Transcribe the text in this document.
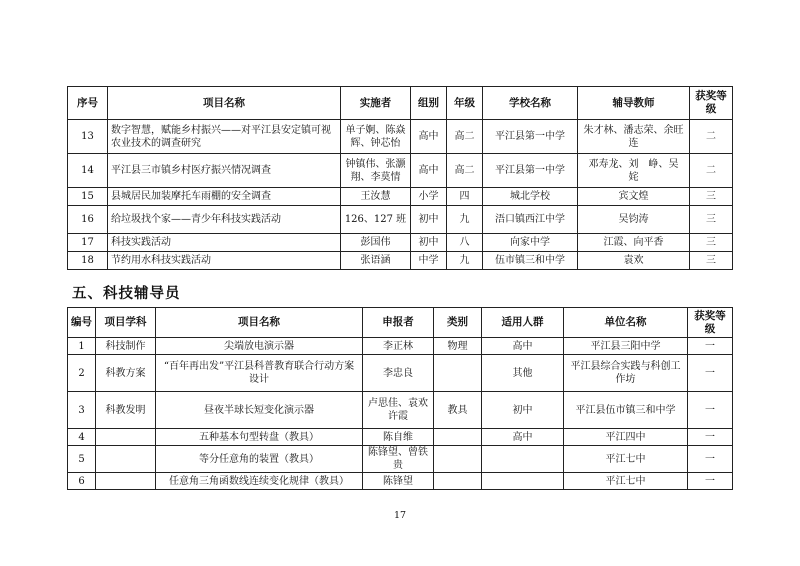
序号	项目名称	实施者	组别	年级	学校名称	辅导教师	获奖等级
13	数字智慧，赋能乡村振兴——对平江县安定镇可视农业技术的调查研究	单子婀、陈焱辉、钟芯怡	高中	高二	平江县第一中学	朱才林、潘志荣、余旺连	二
14	平江县三市镇乡村医疗振兴情况调查	钟镇伟、张灏翔、李莫情	高中	高二	平江县第一中学	邓寿龙、刘　峥、吴　姹	二
15	县城居民加装摩托车雨棚的安全调查	王汝慧	小学	四	城北学校	宾文煌	三
16	给垃圾找个家——青少年科技实践活动	126、127 班	初中	九	浯口镇西江中学	吴钧涛	三
17	科技实践活动	彭国伟	初中	八	向家中学	江霞、向平香	三
18	节约用水科技实践活动	张语涵	中学	九	伍市镇三和中学	袁欢	三
五、科技辅导员
编号	项目学科	项目名称	申报者	类别	适用人群	单位名称	获奖等级
1	科技制作	尖端放电演示器	李正林	物理	高中	平江县三阳中学	一
2	科教方案	“百年再出发”平江县科普教育联合行动方案设计	李忠良		其他	平江县综合实践与科创工作坊	一
3	科教发明	昼夜半球长短变化演示器	卢思佳、袁欢许霞	教具	初中	平江县伍市镇三和中学	一
4		五种基本句型转盘（教具）	陈自维		高中	平江四中	一
5		等分任意角的装置（教具）	陈锋望、曾铁贵			平江七中	一
6		任意角三角函数线连续变化规律（教具）	陈锋望			平江七中	一
17
